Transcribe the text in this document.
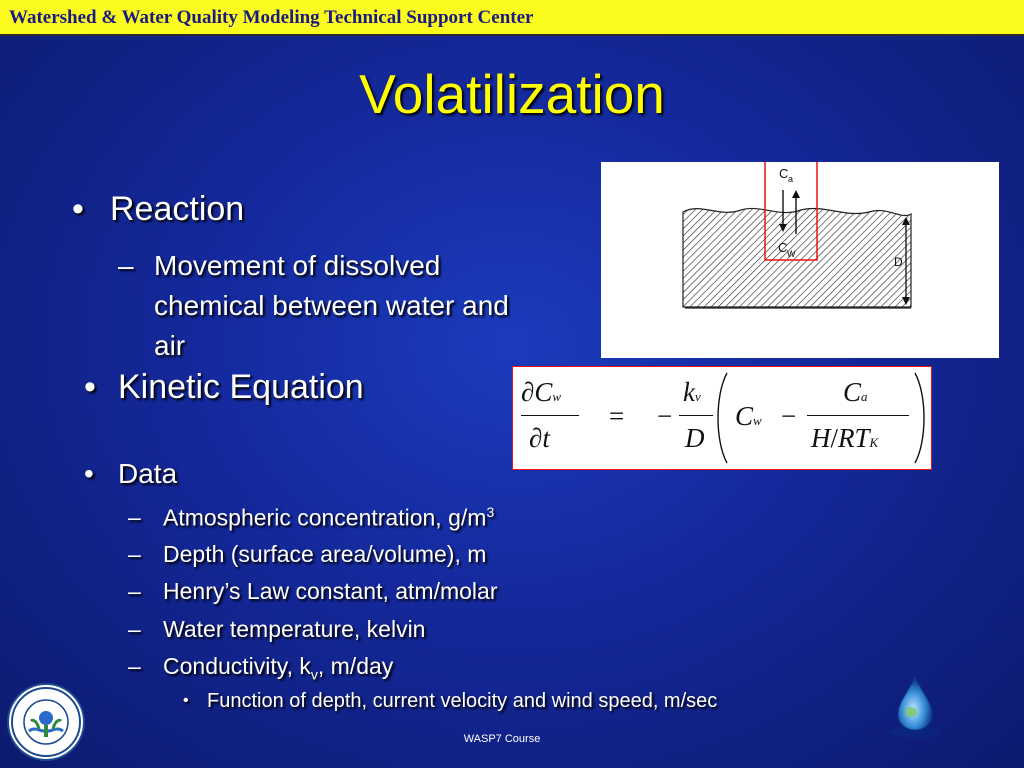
Watershed & Water Quality Modeling Technical Support Center
Volatilization
• Reaction
– Movement of dissolved
chemical between water and
air
• Kinetic Equation
• Data
– Atmospheric concentration, $g/m^3$
– Depth (surface area/volume), m
– Henry’s Law constant, atm/molar
– Water temperature, kelvin
– Conductivity, $k_v$, m/day
• Function of depth, current velocity and wind speed, m/sec
C a
C W
D
∂Cw
∂t
= −
kv
D
Cw −
Ca
H/RTK
WASP7 Course
